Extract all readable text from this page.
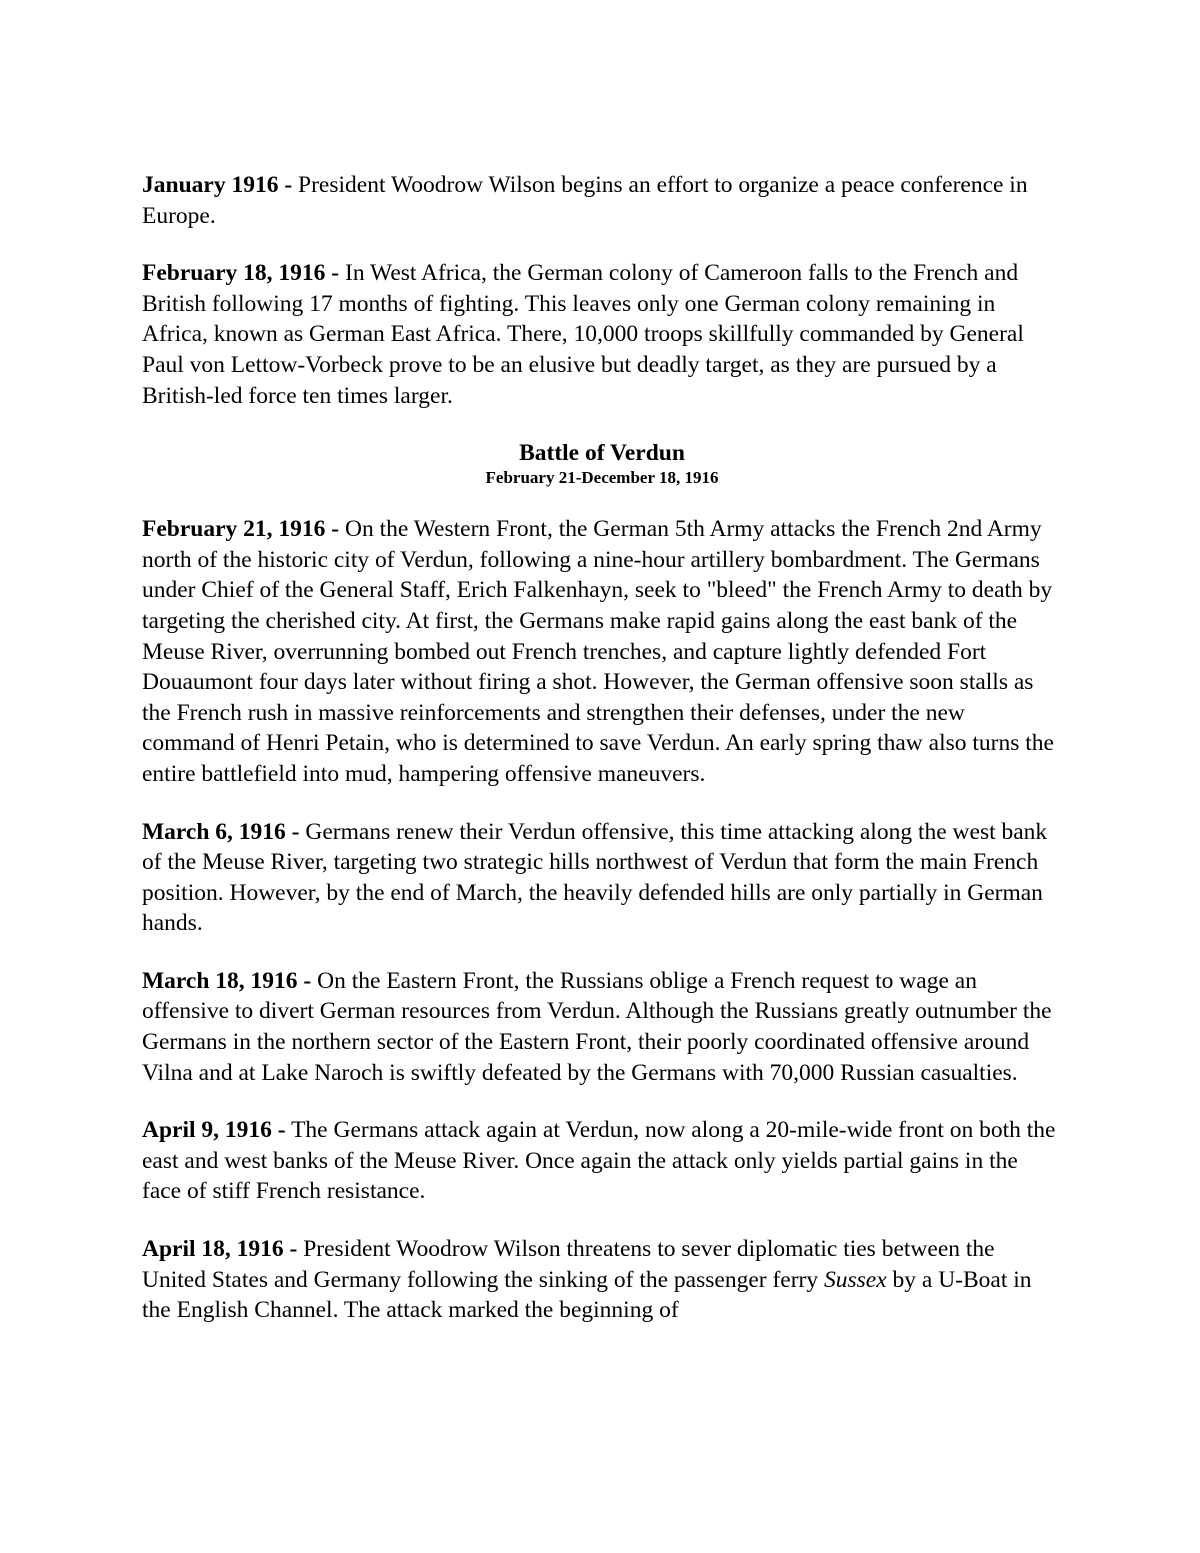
January 1916 - President Woodrow Wilson begins an effort to organize a peace conference in Europe.

February 18, 1916 - In West Africa, the German colony of Cameroon falls to the French and British following 17 months of fighting. This leaves only one German colony remaining in Africa, known as German East Africa. There, 10,000 troops skillfully commanded by General Paul von Lettow-Vorbeck prove to be an elusive but deadly target, as they are pursued by a British-led force ten times larger.

Battle of Verdun
February 21-December 18, 1916

February 21, 1916 - On the Western Front, the German 5th Army attacks the French 2nd Army north of the historic city of Verdun, following a nine-hour artillery bombardment. The Germans under Chief of the General Staff, Erich Falkenhayn, seek to "bleed" the French Army to death by targeting the cherished city. At first, the Germans make rapid gains along the east bank of the Meuse River, overrunning bombed out French trenches, and capture lightly defended Fort Douaumont four days later without firing a shot. However, the German offensive soon stalls as the French rush in massive reinforcements and strengthen their defenses, under the new command of Henri Petain, who is determined to save Verdun. An early spring thaw also turns the entire battlefield into mud, hampering offensive maneuvers.

March 6, 1916 - Germans renew their Verdun offensive, this time attacking along the west bank of the Meuse River, targeting two strategic hills northwest of Verdun that form the main French position. However, by the end of March, the heavily defended hills are only partially in German hands.

March 18, 1916 - On the Eastern Front, the Russians oblige a French request to wage an offensive to divert German resources from Verdun. Although the Russians greatly outnumber the Germans in the northern sector of the Eastern Front, their poorly coordinated offensive around Vilna and at Lake Naroch is swiftly defeated by the Germans with 70,000 Russian casualties.

April 9, 1916 - The Germans attack again at Verdun, now along a 20-mile-wide front on both the east and west banks of the Meuse River. Once again the attack only yields partial gains in the face of stiff French resistance.

April 18, 1916 - President Woodrow Wilson threatens to sever diplomatic ties between the United States and Germany following the sinking of the passenger ferry Sussex by a U-Boat in the English Channel. The attack marked the beginning of
